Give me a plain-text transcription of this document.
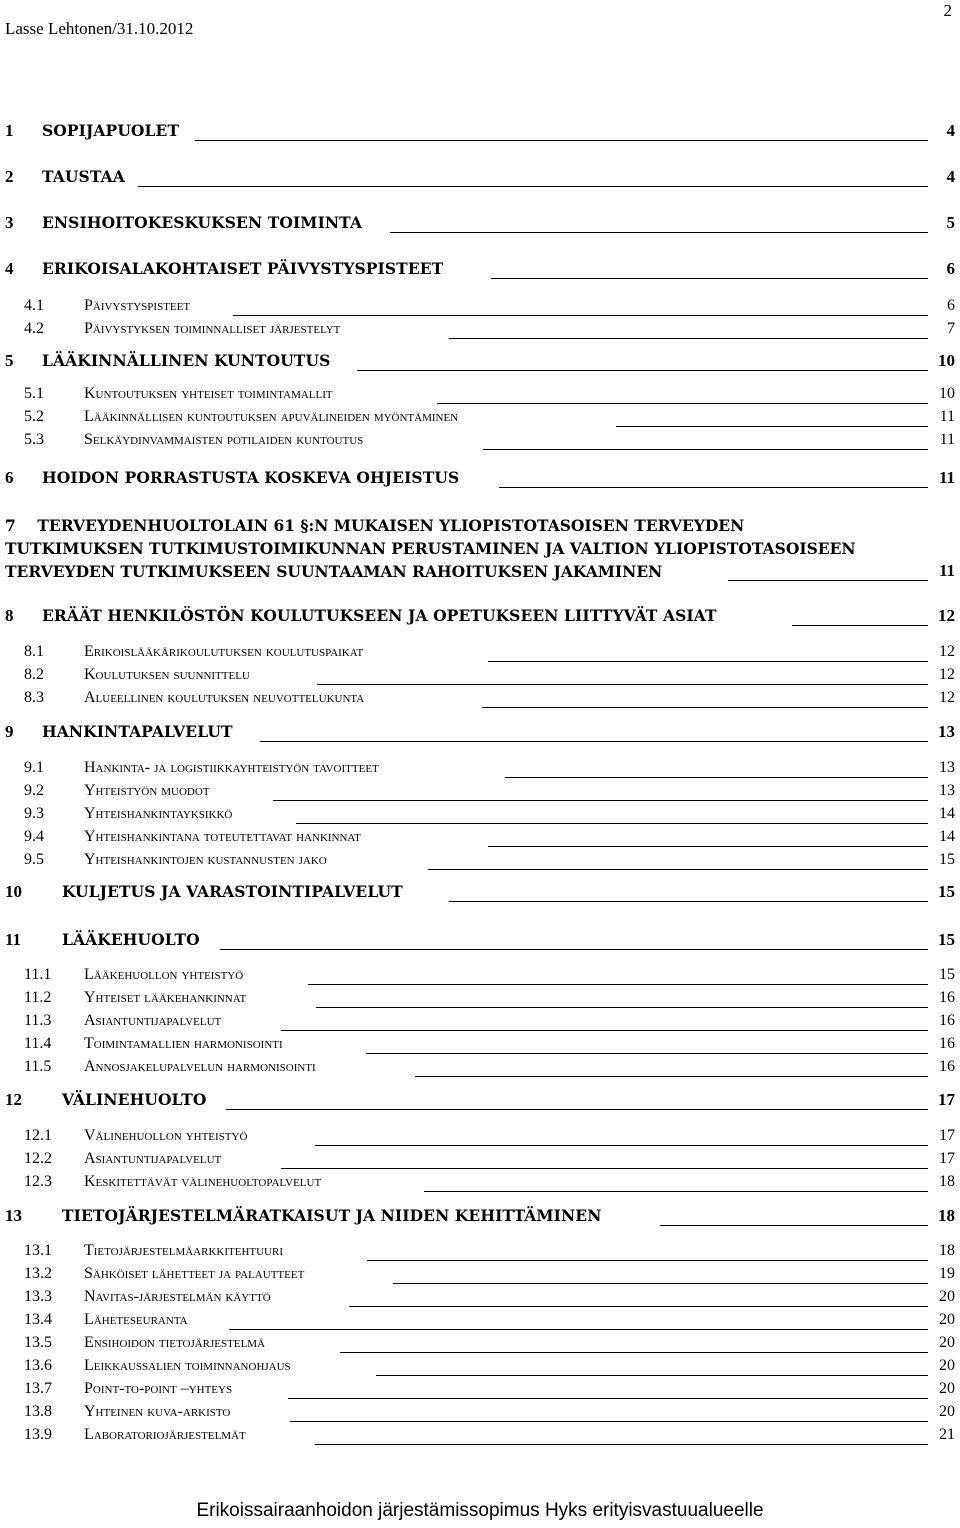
Lasse Lehtonen/31.10.2012
2
1 SOPIJAPUOLET	4
2 TAUSTAA	4
3 ENSIHOITOKESKUKSEN TOIMINTA	5
4 ERIKOISALAKOHTAISET PÄIVYSTYSPISTEET	6
4.1	Päivystyspisteet	6
4.2	Päivystyksen toiminnalliset järjestelyt	7
5 LÄÄKINNÄLLINEN KUNTOUTUS	10
5.1	Kuntoutuksen yhteiset toimintamallit	10
5.2	Lääkinnällisen kuntoutuksen apuvälineiden myöntäminen	11
5.3	Selkäydinvammaisten potilaiden kuntoutus	11
6 HOIDON PORRASTUSTA KOSKEVA OHJEISTUS	11
7    TERVEYDENHUOLTOLAIN 61 §:N MUKAISEN YLIOPISTOTASOISEN TERVEYDEN
TUTKIMUKSEN TUTKIMUSTOIMIKUNNAN PERUSTAMINEN JA VALTION YLIOPISTOTASOISEEN
TERVEYDEN TUTKIMUKSEEN SUUNTAAMAN RAHOITUKSEN JAKAMINEN	11
8 ERÄÄT HENKILÖSTÖN KOULUTUKSEEN JA OPETUKSEEN LIITTYVÄT ASIAT	12
8.1	Erikoislääkärikoulutuksen koulutuspaikat	12
8.2	Koulutuksen suunnittelu	12
8.3	Alueellinen koulutuksen neuvottelukunta	12
9 HANKINTAPALVELUT	13
9.1	Hankinta- ja logistiikkayhteistyön tavoitteet	13
9.2	Yhteistyön muodot	13
9.3	Yhteishankintayksikkö	14
9.4	Yhteishankintana toteutettavat hankinnat	14
9.5	Yhteishankintojen kustannusten jako	15
10	KULJETUS JA VARASTOINTIPALVELUT	15
11	LÄÄKEHUOLTO	15
11.1 Lääkehuollon yhteistyö	15
11.2 Yhteiset lääkehankinnat	16
11.3 Asiantuntijapalvelut	16
11.4 Toimintamallien harmonisointi	16
11.5 Annosjakelupalvelun harmonisointi	16
12	VÄLINEHUOLTO	17
12.1 Välinehuollon yhteistyö	17
12.2 Asiantuntijapalvelut	17
12.3 Keskitettävät välinehuoltopalvelut	18
13	TIETOJÄRJESTELMÄRATKAISUT JA NIIDEN KEHITTÄMINEN	18
13.1 Tietojärjestelmäarkkitehtuuri	18
13.2 Sähköiset lähetteet ja palautteet	19
13.3 Navitas-järjestelmän käyttö	20
13.4 Läheteseuranta	20
13.5 Ensihoidon tietojärjestelmä	20
13.6 Leikkaussalien toiminnanohjaus	20
13.7 Point-to-point –yhteys	20
13.8 Yhteinen kuva-arkisto	20
13.9 Laboratoriojärjestelmät	21
Erikoissairaanhoidon järjestämissopimus Hyks erityisvastuualueelle
